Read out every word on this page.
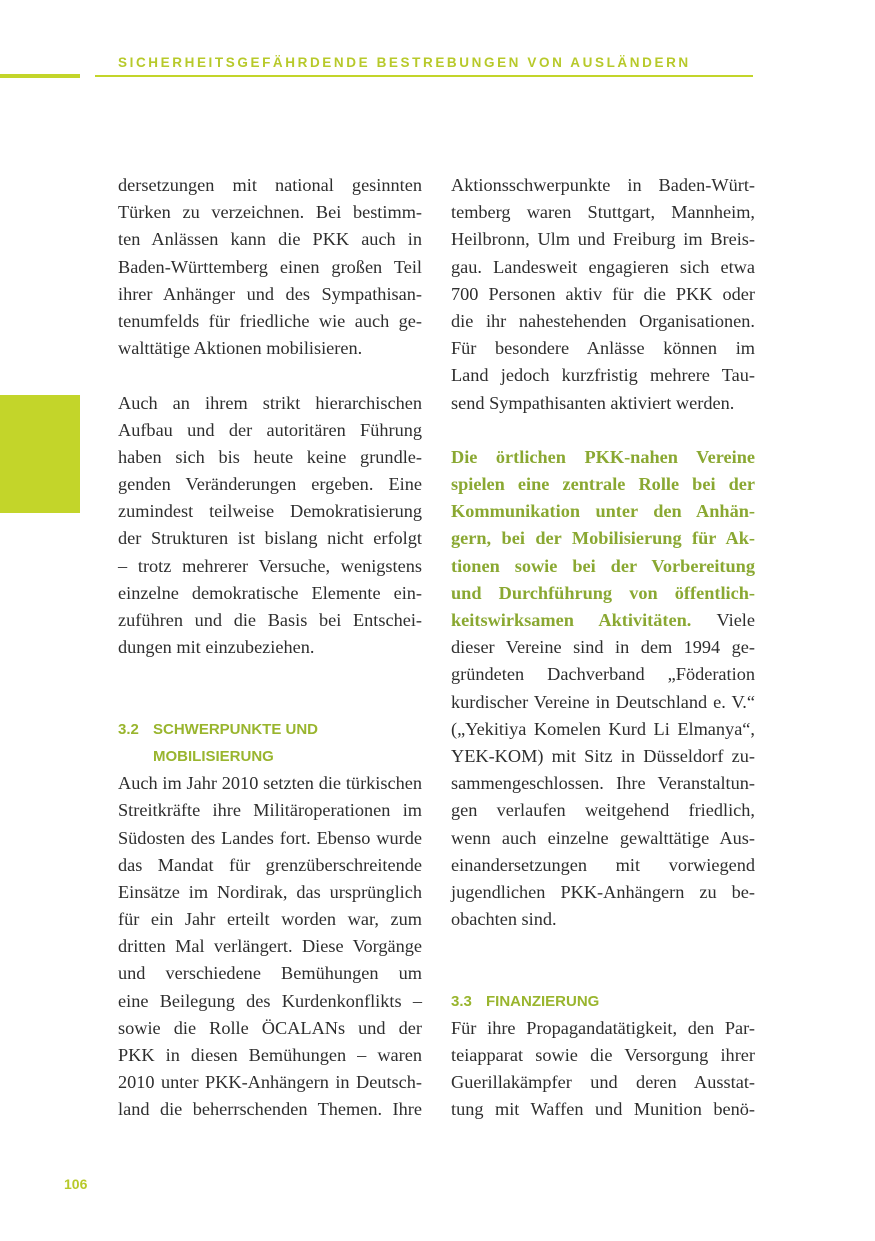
SICHERHEITSGEFÄHRDENDE BESTREBUNGEN VON AUSLÄNDERN
dersetzungen mit national gesinnten
Türken zu verzeichnen. Bei bestimm-
ten Anlässen kann die PKK auch in
Baden-Württemberg einen großen Teil
ihrer Anhänger und des Sympathisan-
tenumfelds für friedliche wie auch ge-
walttätige Aktionen mobilisieren.
Auch an ihrem strikt hierarchischen
Aufbau und der autoritären Führung
haben sich bis heute keine grundle-
genden Veränderungen ergeben. Eine
zumindest teilweise Demokratisierung
der Strukturen ist bislang nicht erfolgt
– trotz mehrerer Versuche, wenigstens
einzelne demokratische Elemente ein-
zuführen und die Basis bei Entschei-
dungen mit einzubeziehen.
3.2 SCHWERPUNKTE UND
MOBILISIERUNG
Auch im Jahr 2010 setzten die türkischen
Streitkräfte ihre Militäroperationen im
Südosten des Landes fort. Ebenso wurde
das Mandat für grenzüberschreitende
Einsätze im Nordirak, das ursprünglich
für ein Jahr erteilt worden war, zum
dritten Mal verlängert. Diese Vorgänge
und verschiedene Bemühungen um
eine Beilegung des Kurdenkonflikts –
sowie die Rolle ÖCALANs und der
PKK in diesen Bemühungen – waren
2010 unter PKK-Anhängern in Deutsch-
land die beherrschenden Themen. Ihre
Aktionsschwerpunkte in Baden-Würt-
temberg waren Stuttgart, Mannheim,
Heilbronn, Ulm und Freiburg im Breis-
gau. Landesweit engagieren sich etwa
700 Personen aktiv für die PKK oder
die ihr nahestehenden Organisationen.
Für besondere Anlässe können im
Land jedoch kurzfristig mehrere Tau-
send Sympathisanten aktiviert werden.
Die örtlichen PKK-nahen Vereine
spielen eine zentrale Rolle bei der
Kommunikation unter den Anhän-
gern, bei der Mobilisierung für Ak-
tionen sowie bei der Vorbereitung
und Durchführung von öffentlich-
keitswirksamen Aktivitäten. Viele
dieser Vereine sind in dem 1994 ge-
gründeten Dachverband „Föderation
kurdischer Vereine in Deutschland e. V.“
(„Yekitiya Komelen Kurd Li Elmanya“,
YEK-KOM) mit Sitz in Düsseldorf zu-
sammengeschlossen. Ihre Veranstaltun-
gen verlaufen weitgehend friedlich,
wenn auch einzelne gewalttätige Aus-
einandersetzungen mit vorwiegend
jugendlichen PKK-Anhängern zu be-
obachten sind.
3.3 FINANZIERUNG
Für ihre Propagandatätigkeit, den Par-
teiapparat sowie die Versorgung ihrer
Guerillakämpfer und deren Ausstat-
tung mit Waffen und Munition benö-
106
